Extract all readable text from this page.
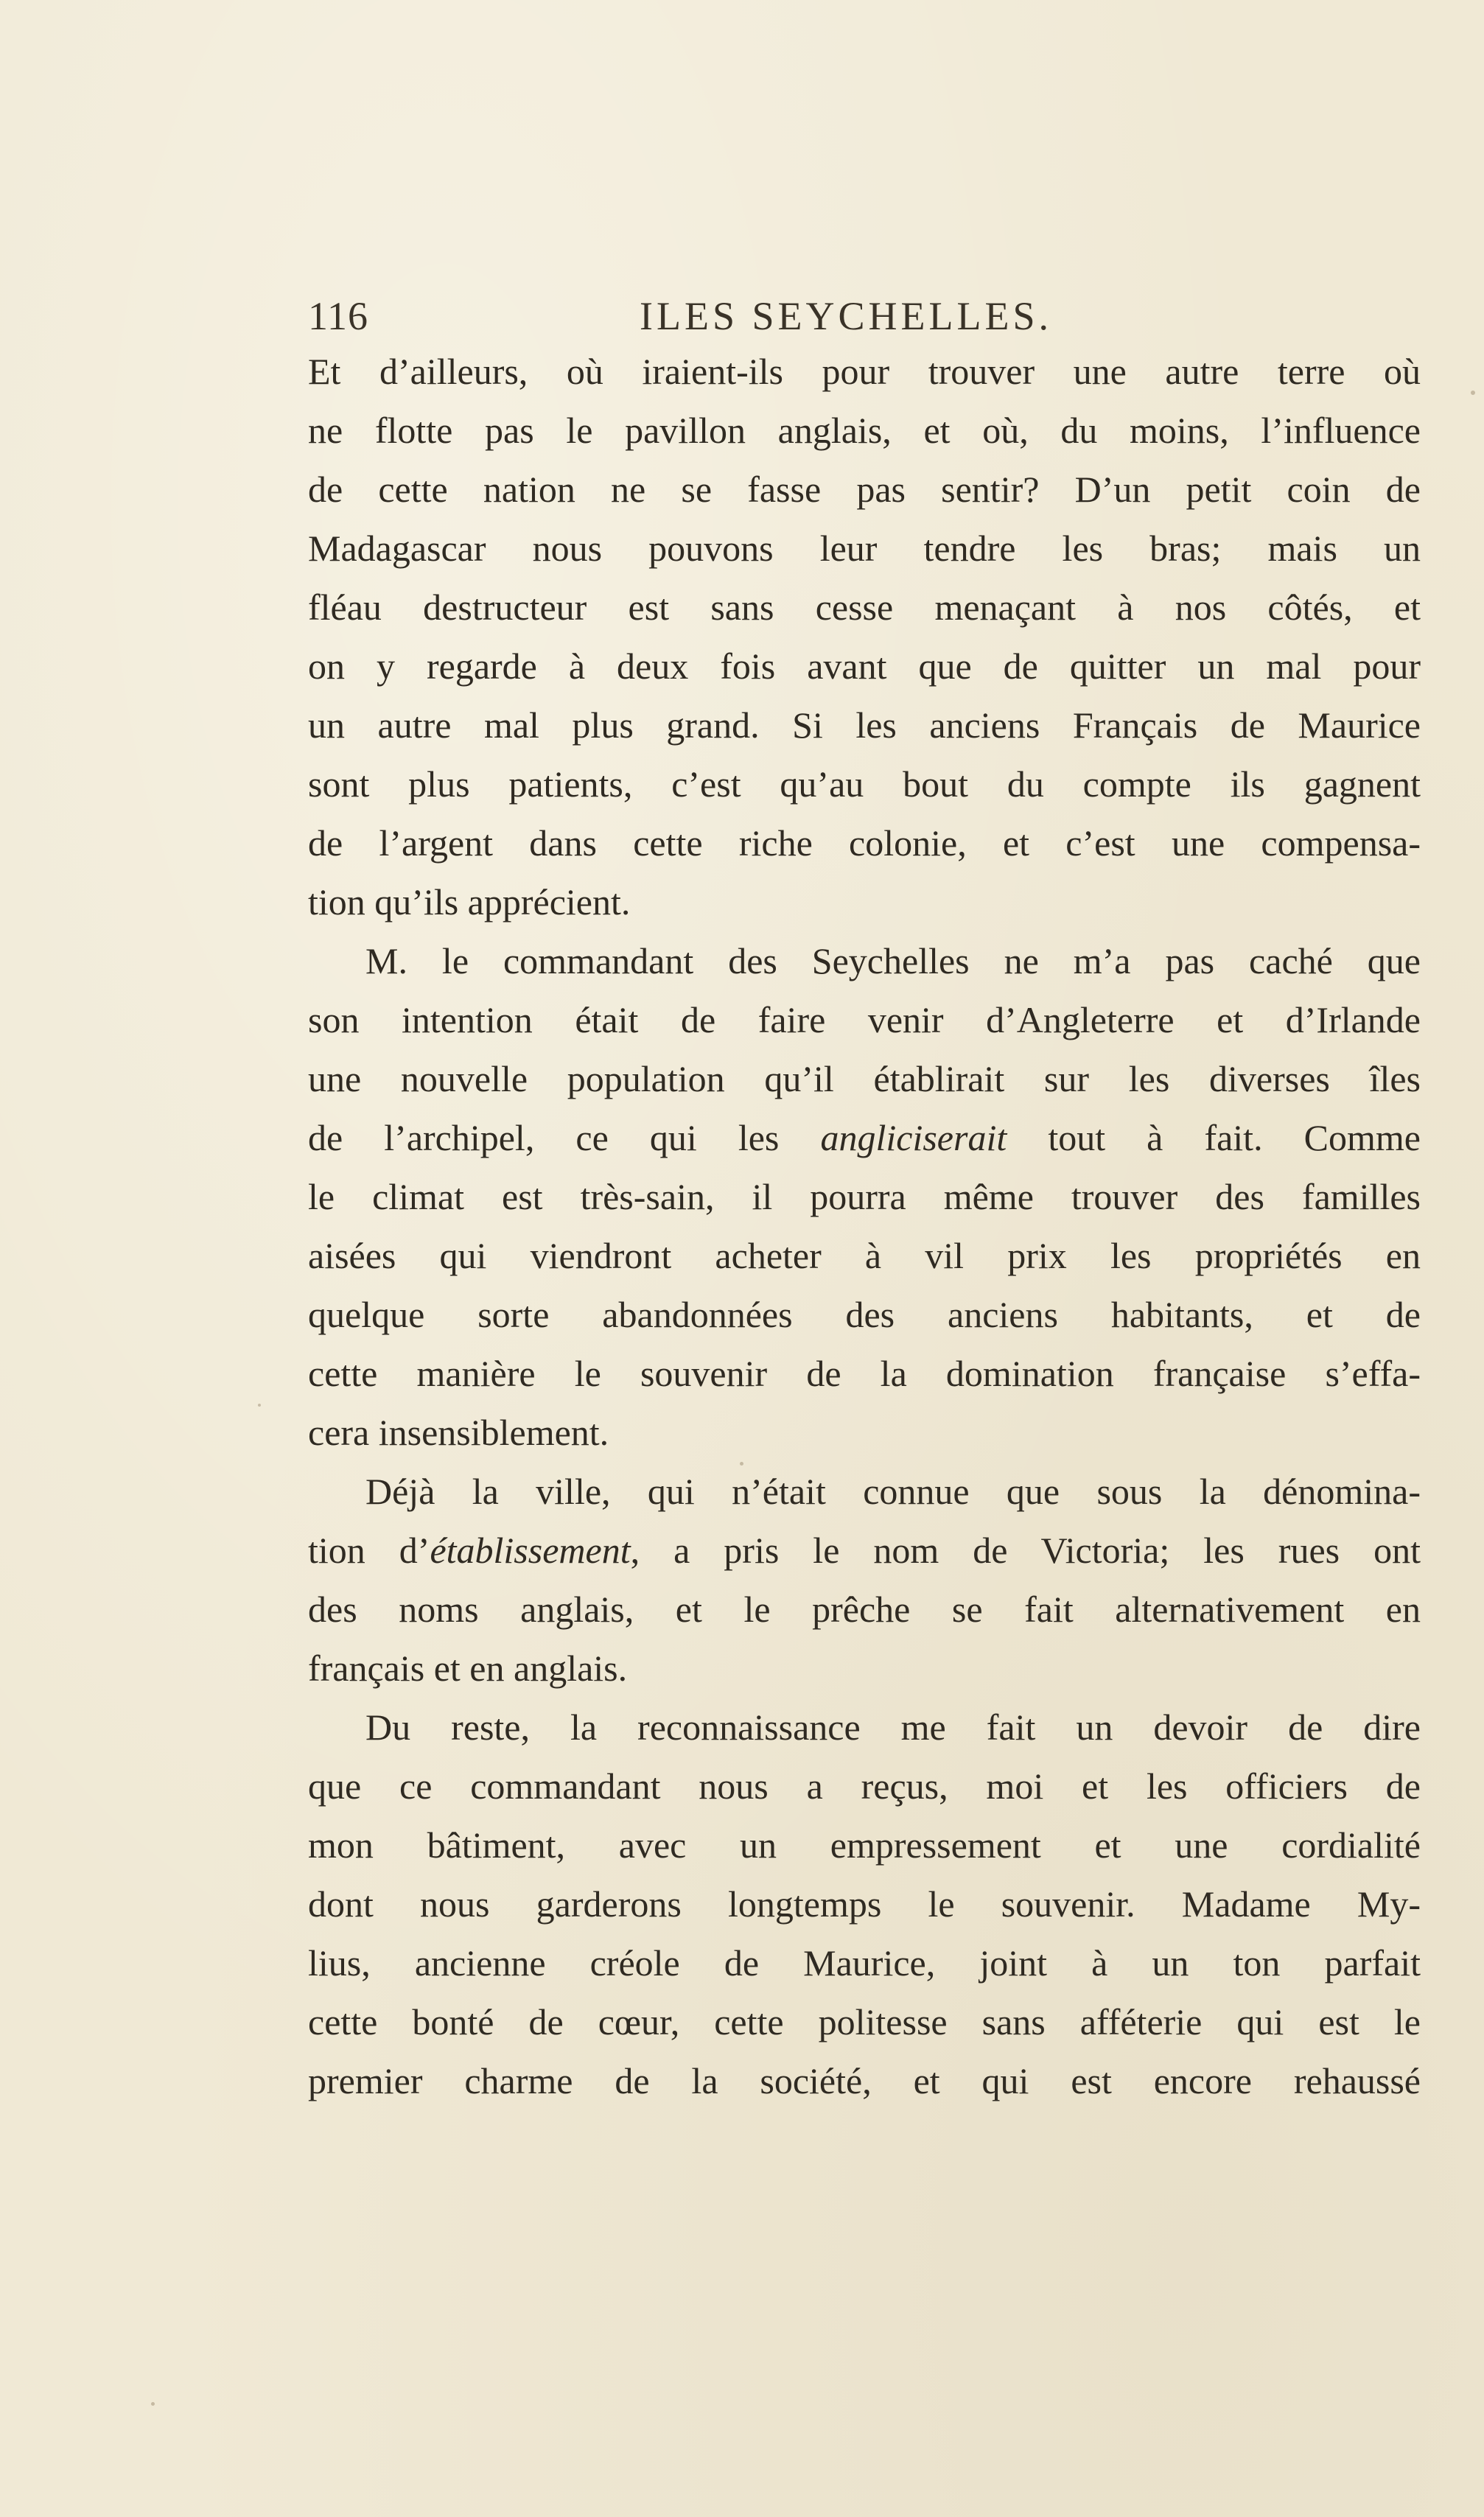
116	ILES SEYCHELLES.
Et d’ailleurs, où iraient-ils pour trouver une autre terre où
ne flotte pas le pavillon anglais, et où, du moins, l’influence
de cette nation ne se fasse pas sentir? D’un petit coin de
Madagascar nous pouvons leur tendre les bras; mais un
fléau destructeur est sans cesse menaçant à nos côtés, et
on y regarde à deux fois avant que de quitter un mal pour
un autre mal plus grand. Si les anciens Français de Maurice
sont plus patients, c’est qu’au bout du compte ils gagnent
de l’argent dans cette riche colonie, et c’est une compensa-
tion qu’ils apprécient.
M. le commandant des Seychelles ne m’a pas caché que
son intention était de faire venir d’Angleterre et d’Irlande
une nouvelle population qu’il établirait sur les diverses îles
de l’archipel, ce qui les angliciserait tout à fait. Comme
le climat est très-sain, il pourra même trouver des familles
aisées qui viendront acheter à vil prix les propriétés en
quelque sorte abandonnées des anciens habitants, et de
cette manière le souvenir de la domination française s’effa-
cera insensiblement.
Déjà la ville, qui n’était connue que sous la dénomina-
tion d’établissement, a pris le nom de Victoria; les rues ont
des noms anglais, et le prêche se fait alternativement en
français et en anglais.
Du reste, la reconnaissance me fait un devoir de dire
que ce commandant nous a reçus, moi et les officiers de
mon bâtiment, avec un empressement et une cordialité
dont nous garderons longtemps le souvenir. Madame My-
lius, ancienne créole de Maurice, joint à un ton parfait
cette bonté de cœur, cette politesse sans afféterie qui est le
premier charme de la société, et qui est encore rehaussé
